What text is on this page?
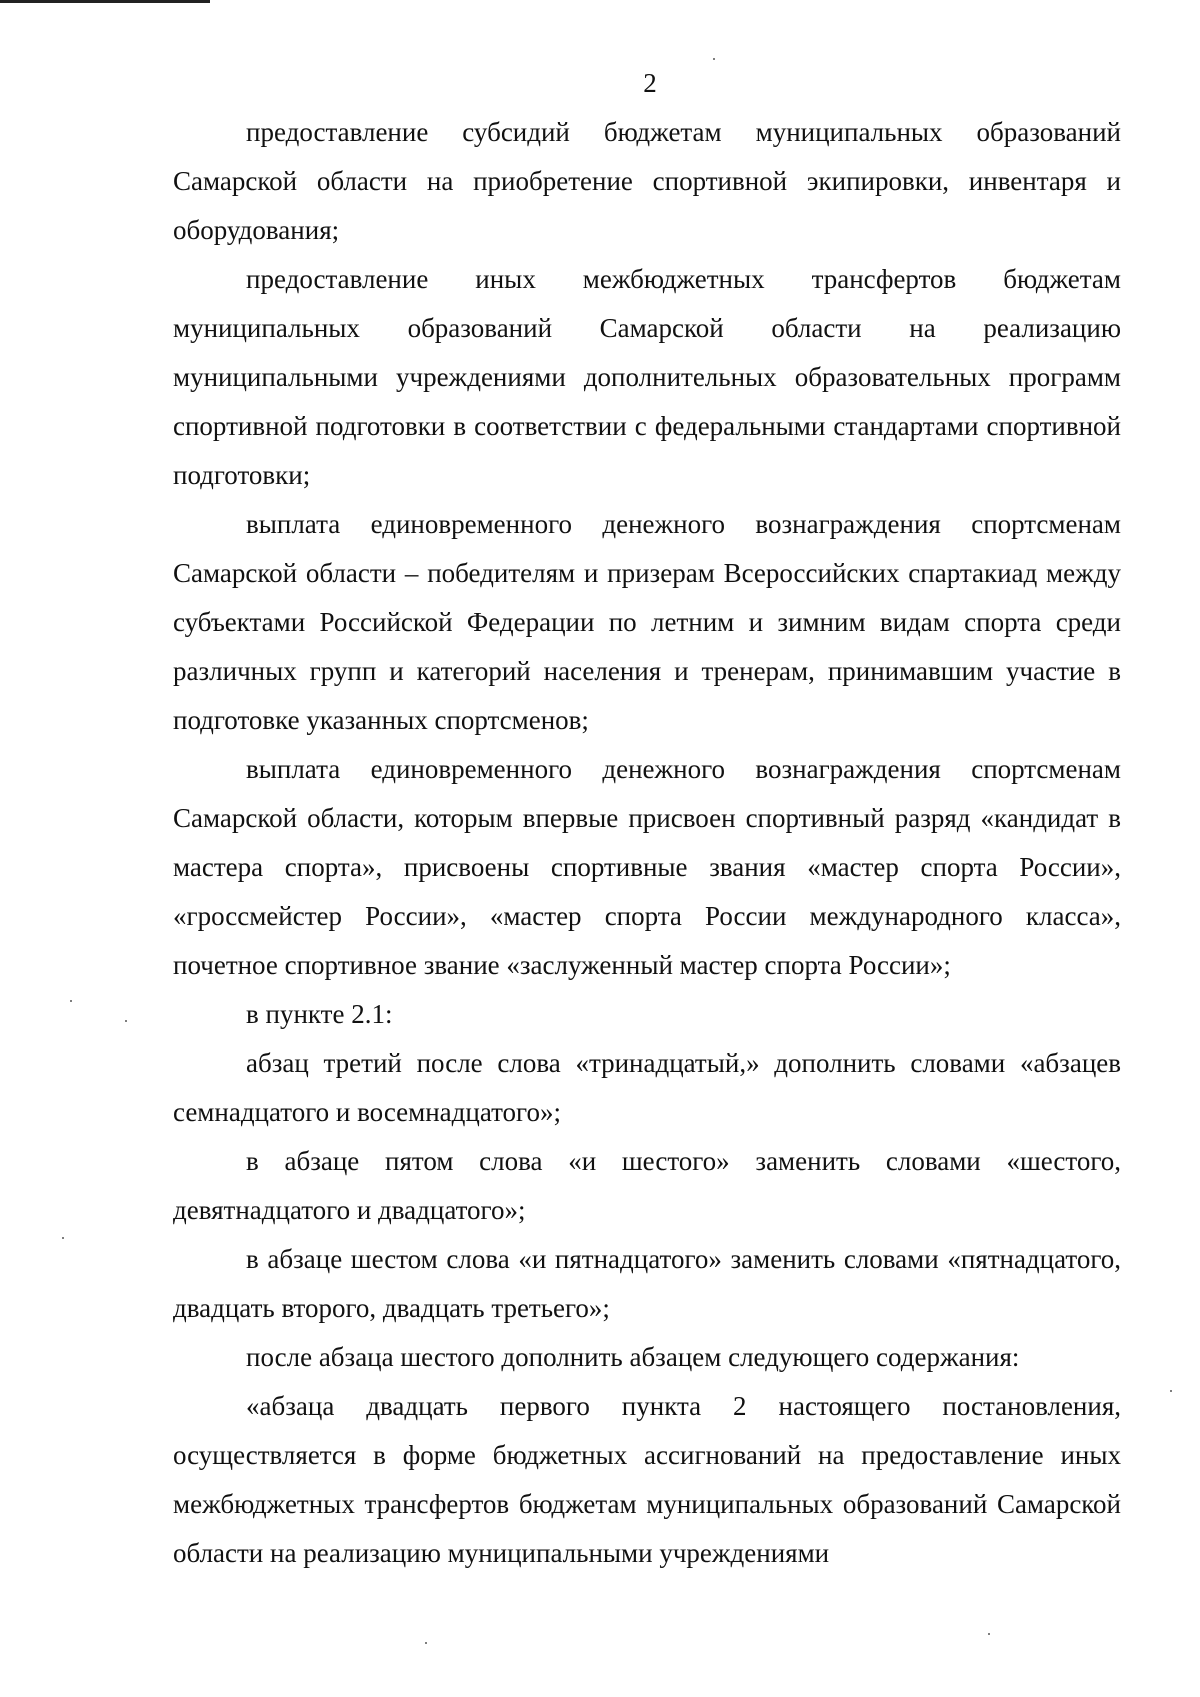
2

предоставление субсидий бюджетам муниципальных образований Самарской области на приобретение спортивной экипировки, инвентаря и оборудования;

предоставление иных межбюджетных трансфертов бюджетам муниципальных образований Самарской области на реализацию муниципальными учреждениями дополнительных образовательных программ спортивной подготовки в соответствии с федеральными стандартами спортивной подготовки;

выплата единовременного денежного вознаграждения спортсменам Самарской области – победителям и призерам Всероссийских спартакиад между субъектами Российской Федерации по летним и зимним видам спорта среди различных групп и категорий населения и тренерам, принимавшим участие в подготовке указанных спортсменов;

выплата единовременного денежного вознаграждения спортсменам Самарской области, которым впервые присвоен спортивный разряд «кандидат в мастера спорта», присвоены спортивные звания «мастер спорта России», «гроссмейстер России», «мастер спорта России международного класса», почетное спортивное звание «заслуженный мастер спорта России»;

в пункте 2.1:

абзац третий после слова «тринадцатый,» дополнить словами «абзацев семнадцатого и восемнадцатого»;

в абзаце пятом слова «и шестого» заменить словами «шестого, девятнадцатого и двадцатого»;

в абзаце шестом слова «и пятнадцатого» заменить словами «пятнадцатого, двадцать второго, двадцать третьего»;

после абзаца шестого дополнить абзацем следующего содержания:

«абзаца двадцать первого пункта 2 настоящего постановления, осуществляется в форме бюджетных ассигнований на предоставление иных межбюджетных трансфертов бюджетам муниципальных образований Самарской области на реализацию муниципальными учреждениями
